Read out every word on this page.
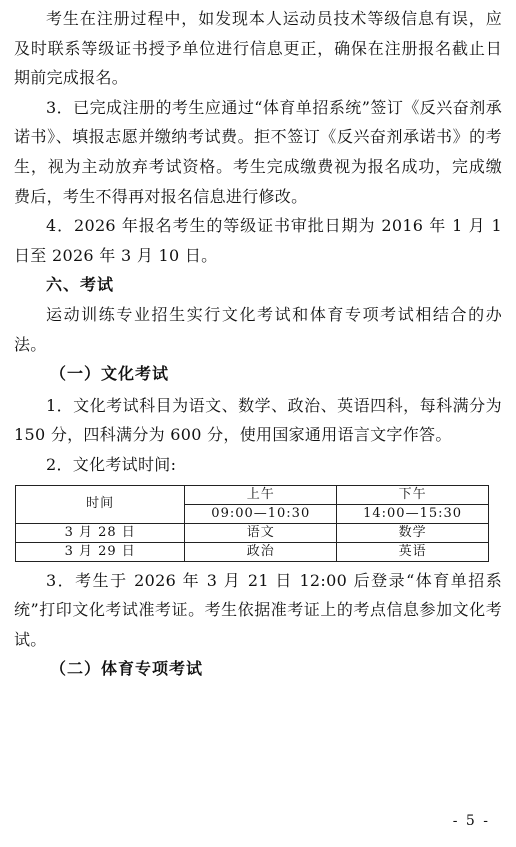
考生在注册过程中，如发现本人运动员技术等级信息有误，应及时联系等级证书授予单位进行信息更正，确保在注册报名截止日期前完成报名。

3．已完成注册的考生应通过“体育单招系统”签订《反兴奋剂承诺书》、填报志愿并缴纳考试费。拒不签订《反兴奋剂承诺书》的考生，视为主动放弃考试资格。考生完成缴费视为报名成功，完成缴费后，考生不得再对报名信息进行修改。

4．2026 年报名考生的等级证书审批日期为 2016 年 1 月 1 日至 2026 年 3 月 10 日。

六、考试

运动训练专业招生实行文化考试和体育专项考试相结合的办法。

（一）文化考试

1．文化考试科目为语文、数学、政治、英语四科，每科满分为 150 分，四科满分为 600 分，使用国家通用语言文字作答。

2．文化考试时间:

时间	上午	下午
	09:00—10:30	14:00—15:30
3 月 28 日	语文	数学
3 月 29 日	政治	英语

3．考生于 2026 年 3 月 21 日 12:00 后登录“体育单招系统”打印文化考试准考证。考生依据准考证上的考点信息参加文化考试。

（二）体育专项考试

- 5 -
